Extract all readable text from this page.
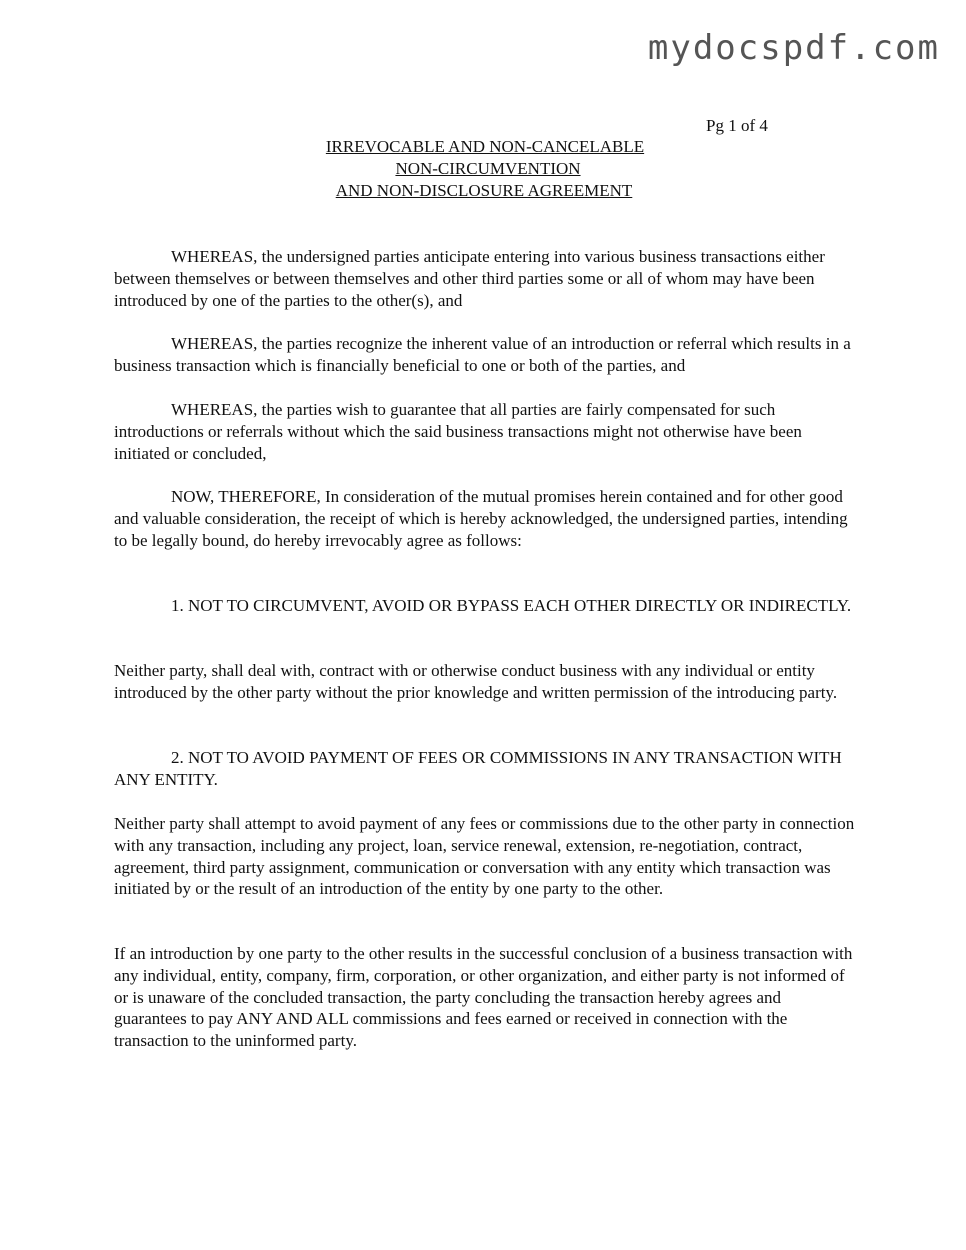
mydocspdf.com
Pg 1 of 4

IRREVOCABLE AND NON-CANCELABLE

NON-CIRCUMVENTION

AND NON-DISCLOSURE AGREEMENT

WHEREAS, the undersigned parties anticipate entering into various business transactions either between themselves or between themselves and other third parties some or all of whom may have been introduced by one of the parties to the other(s), and

WHEREAS, the parties recognize the inherent value of an introduction or referral which results in a business transaction which is financially beneficial to one or both of the parties, and

WHEREAS, the parties wish to guarantee that all parties are fairly compensated for such introductions or referrals without which the said business transactions might not otherwise have been initiated or concluded,

NOW, THEREFORE, In consideration of the mutual promises herein contained and for other good and valuable consideration, the receipt of which is hereby acknowledged, the undersigned parties, intending to be legally bound, do hereby irrevocably agree as follows:

1. NOT TO CIRCUMVENT, AVOID OR BYPASS EACH OTHER DIRECTLY OR INDIRECTLY.

Neither party, shall deal with, contract with or otherwise conduct business with any individual or entity introduced by the other party without the prior knowledge and written permission of the introducing party.

2. NOT TO AVOID PAYMENT OF FEES OR COMMISSIONS IN ANY TRANSACTION WITH ANY ENTITY.

Neither party shall attempt to avoid payment of any fees or commissions due to the other party in connection with any transaction, including any project, loan, service renewal, extension, re-negotiation, contract, agreement, third party assignment, communication or conversation with any entity which transaction was initiated by or the result of an introduction of the entity by one party to the other.

If an introduction by one party to the other results in the successful conclusion of a business transaction with any individual, entity, company, firm, corporation, or other organization, and either party is not informed of or is unaware of the concluded transaction, the party concluding the transaction hereby agrees and guarantees to pay ANY AND ALL commissions and fees earned or received in connection with the transaction to the uninformed party.
